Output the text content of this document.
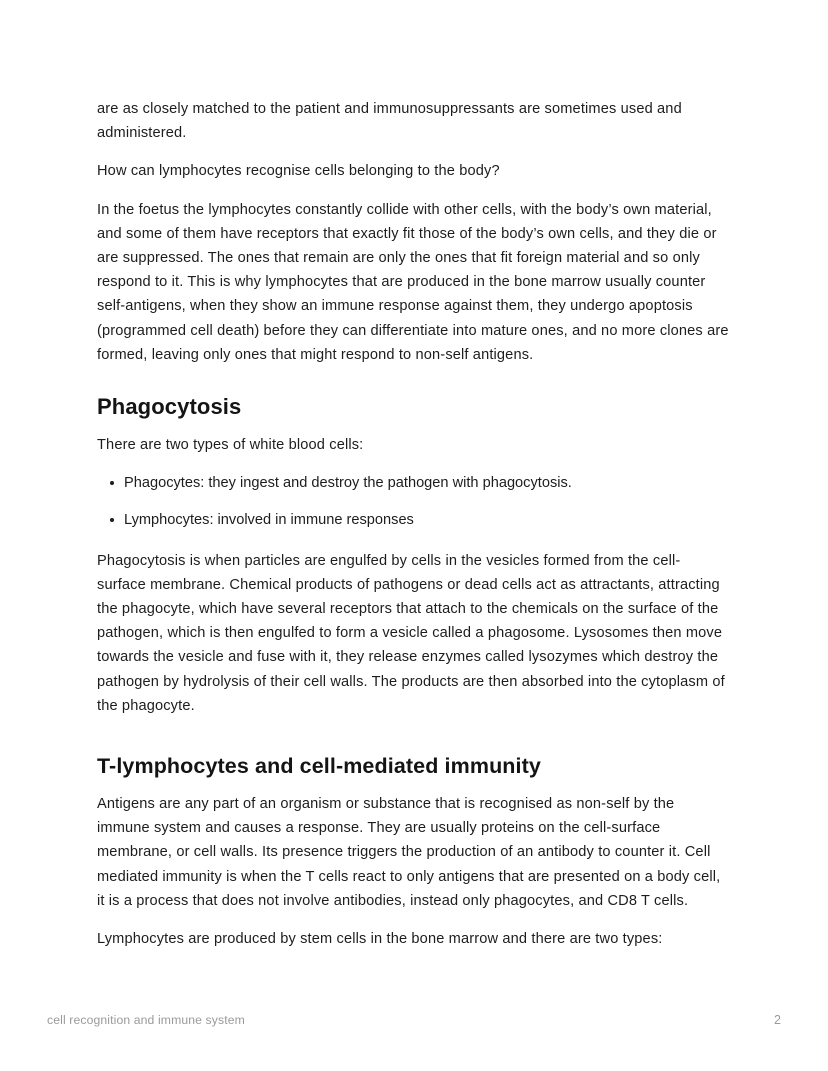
are as closely matched to the patient and immunosuppressants are sometimes used and administered.

How can lymphocytes recognise cells belonging to the body?

In the foetus the lymphocytes constantly collide with other cells, with the body’s own material, and some of them have receptors that exactly fit those of the body’s own cells, and they die or are suppressed. The ones that remain are only the ones that fit foreign material and so only respond to it. This is why lymphocytes that are produced in the bone marrow usually counter self-antigens, when they show an immune response against them, they undergo apoptosis (programmed cell death) before they can differentiate into mature ones, and no more clones are formed, leaving only ones that might respond to non-self antigens.

Phagocytosis

There are two types of white blood cells:

Phagocytes: they ingest and destroy the pathogen with phagocytosis.
Lymphocytes: involved in immune responses

Phagocytosis is when particles are engulfed by cells in the vesicles formed from the cell-surface membrane. Chemical products of pathogens or dead cells act as attractants, attracting the phagocyte, which have several receptors that attach to the chemicals on the surface of the pathogen, which is then engulfed to form a vesicle called a phagosome. Lysosomes then move towards the vesicle and fuse with it, they release enzymes called lysozymes which destroy the pathogen by hydrolysis of their cell walls. The products are then absorbed into the cytoplasm of the phagocyte.

T-lymphocytes and cell-mediated immunity

Antigens are any part of an organism or substance that is recognised as non-self by the immune system and causes a response. They are usually proteins on the cell-surface membrane, or cell walls. Its presence triggers the production of an antibody to counter it. Cell mediated immunity is when the T cells react to only antigens that are presented on a body cell, it is a process that does not involve antibodies, instead only phagocytes, and CD8 T cells.

Lymphocytes are produced by stem cells in the bone marrow and there are two types:

cell recognition and immune system	2
